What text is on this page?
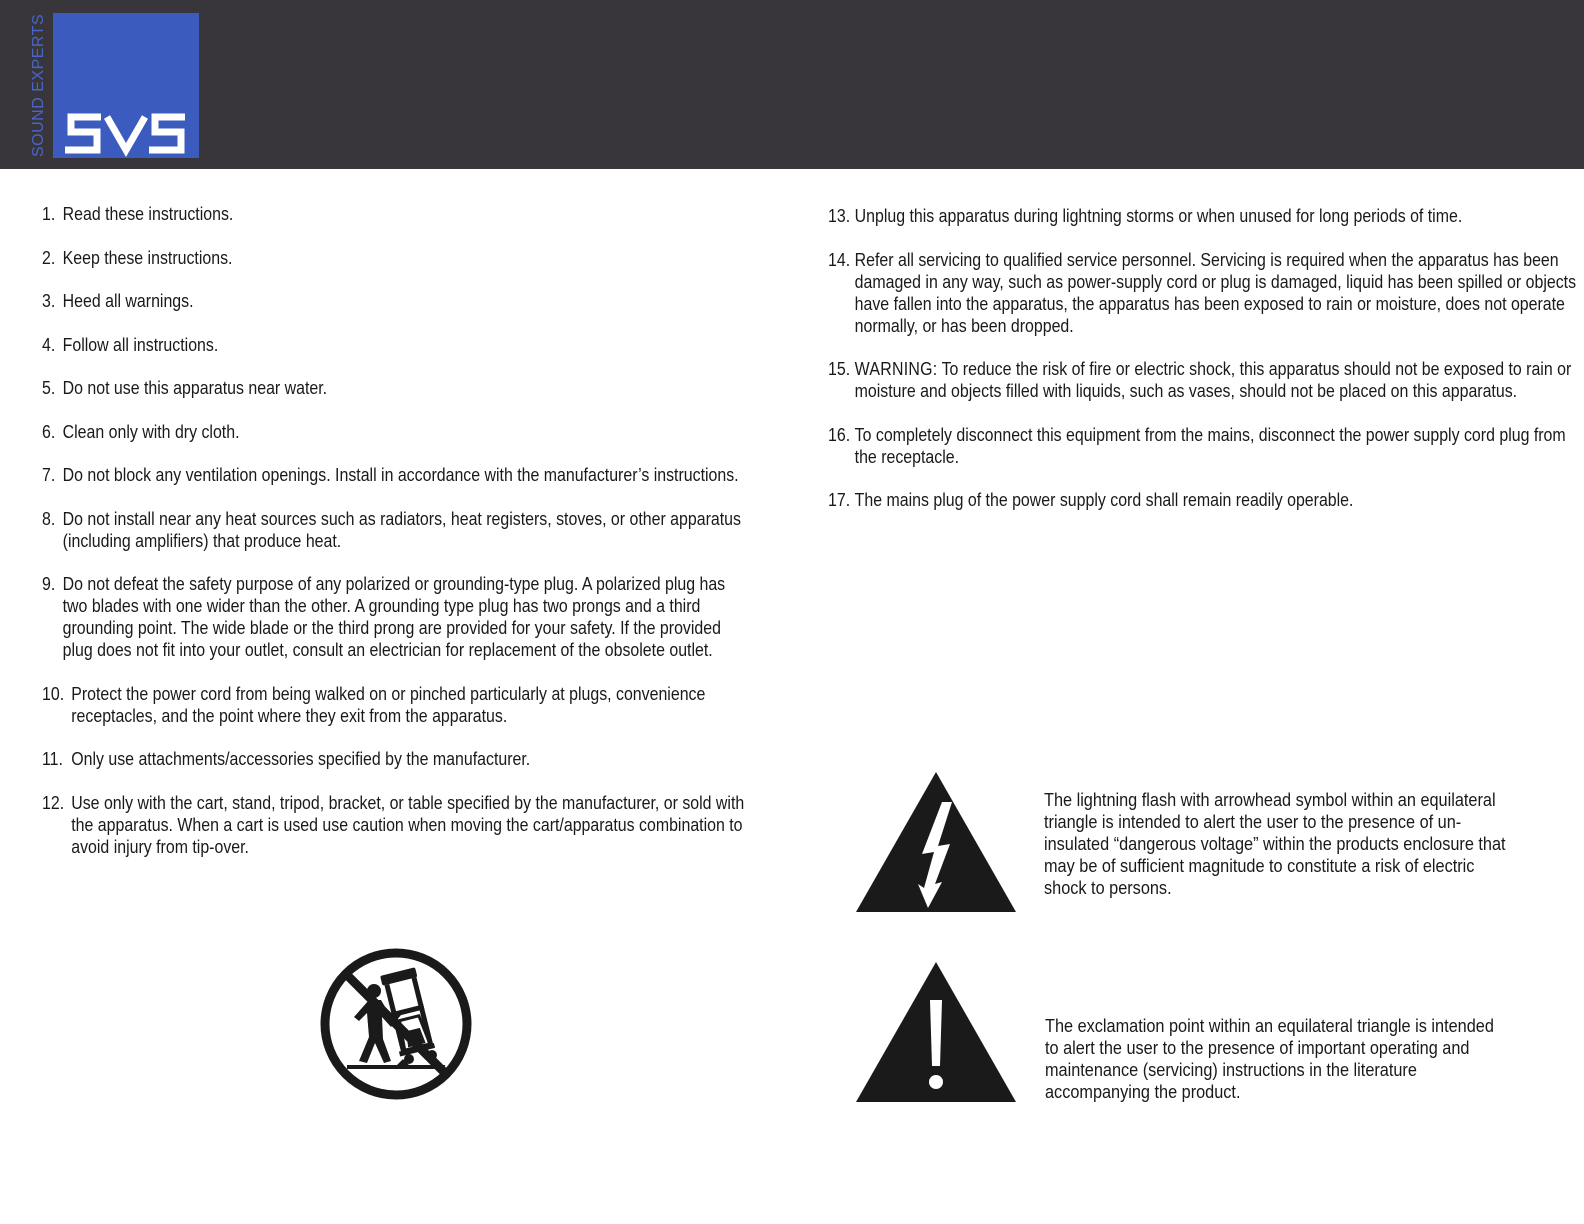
SOUND EXPERTS
1. Read these instructions.
2. Keep these instructions.
3. Heed all warnings.
4. Follow all instructions.
5. Do not use this apparatus near water.
6. Clean only with dry cloth.
7. Do not block any ventilation openings. Install in accordance with the manufacturer’s instructions.
8. Do not install near any heat sources such as radiators, heat registers, stoves, or other apparatus (including amplifiers) that produce heat.
9. Do not defeat the safety purpose of any polarized or grounding-type plug. A polarized plug has two blades with one wider than the other. A grounding type plug has two prongs and a third grounding point. The wide blade or the third prong are provided for your safety. If the provided plug does not fit into your outlet, consult an electrician for replacement of the obsolete outlet.
10. Protect the power cord from being walked on or pinched particularly at plugs, convenience receptacles, and the point where they exit from the apparatus.
11. Only use attachments/accessories specified by the manufacturer.
12. Use only with the cart, stand, tripod, bracket, or table specified by the manufacturer, or sold with the apparatus. When a cart is used use caution when moving the cart/apparatus combination to avoid injury from tip-over.
13. Unplug this apparatus during lightning storms or when unused for long periods of time.
14. Refer all servicing to qualified service personnel. Servicing is required when the apparatus has been damaged in any way, such as power-supply cord or plug is damaged, liquid has been spilled or objects have fallen into the apparatus, the apparatus has been exposed to rain or moisture, does not operate normally, or has been dropped.
15. WARNING: To reduce the risk of fire or electric shock, this apparatus should not be exposed to rain or moisture and objects filled with liquids, such as vases, should not be placed on this apparatus.
16. To completely disconnect this equipment from the mains, disconnect the power supply cord plug from the receptacle.
17. The mains plug of the power supply cord shall remain readily operable.
The lightning flash with arrowhead symbol within an equilateral triangle is intended to alert the user to the presence of un-insulated “dangerous voltage” within the products enclosure that may be of sufficient magnitude to constitute a risk of electric shock to persons.
The exclamation point within an equilateral triangle is intended to alert the user to the presence of important operating and maintenance (servicing) instructions in the literature accompanying the product.
